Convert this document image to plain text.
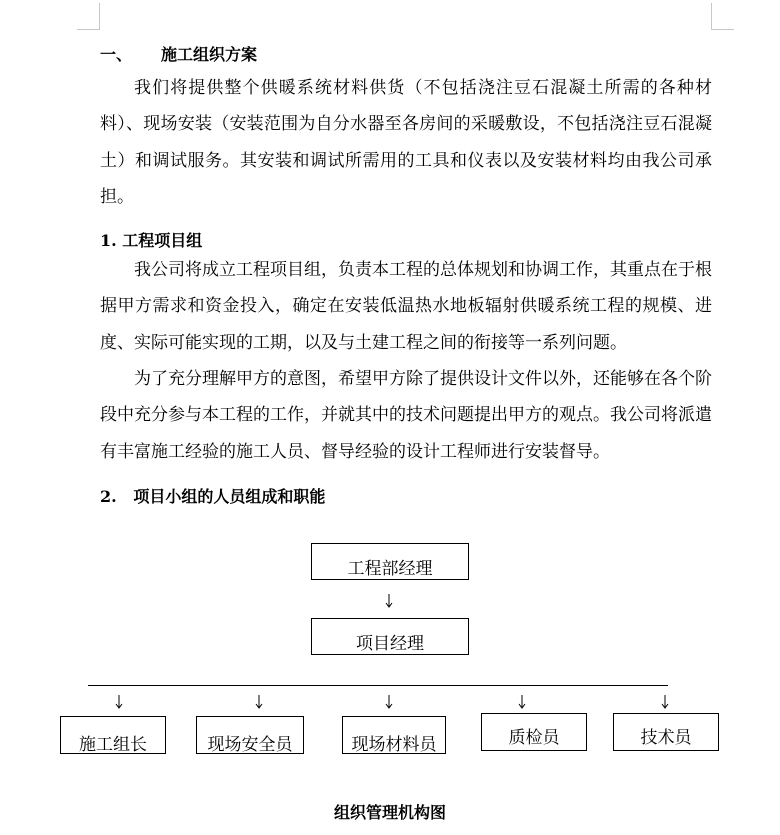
一、 施工组织方案

我们将提供整个供暖系统材料供货（不包括浇注豆石混凝土所需的各种材料）、现场安装（安装范围为自分水器至各房间的采暖敷设，不包括浇注豆石混凝土）和调试服务。其安装和调试所需用的工具和仪表以及安装材料均由我公司承担。

1. 工程项目组

我公司将成立工程项目组，负责本工程的总体规划和协调工作，其重点在于根据甲方需求和资金投入，确定在安装低温热水地板辐射供暖系统工程的规模、进度、实际可能实现的工期，以及与土建工程之间的衔接等一系列问题。

为了充分理解甲方的意图，希望甲方除了提供设计文件以外，还能够在各个阶段中充分参与本工程的工作，并就其中的技术问题提出甲方的观点。我公司将派遣有丰富施工经验的施工人员、督导经验的设计工程师进行安装督导。

2.   项目小组的人员组成和职能
工程部经理
项目经理
施工组长	现场安全员	现场材料员	质检员	技术员
组织管理机构图
